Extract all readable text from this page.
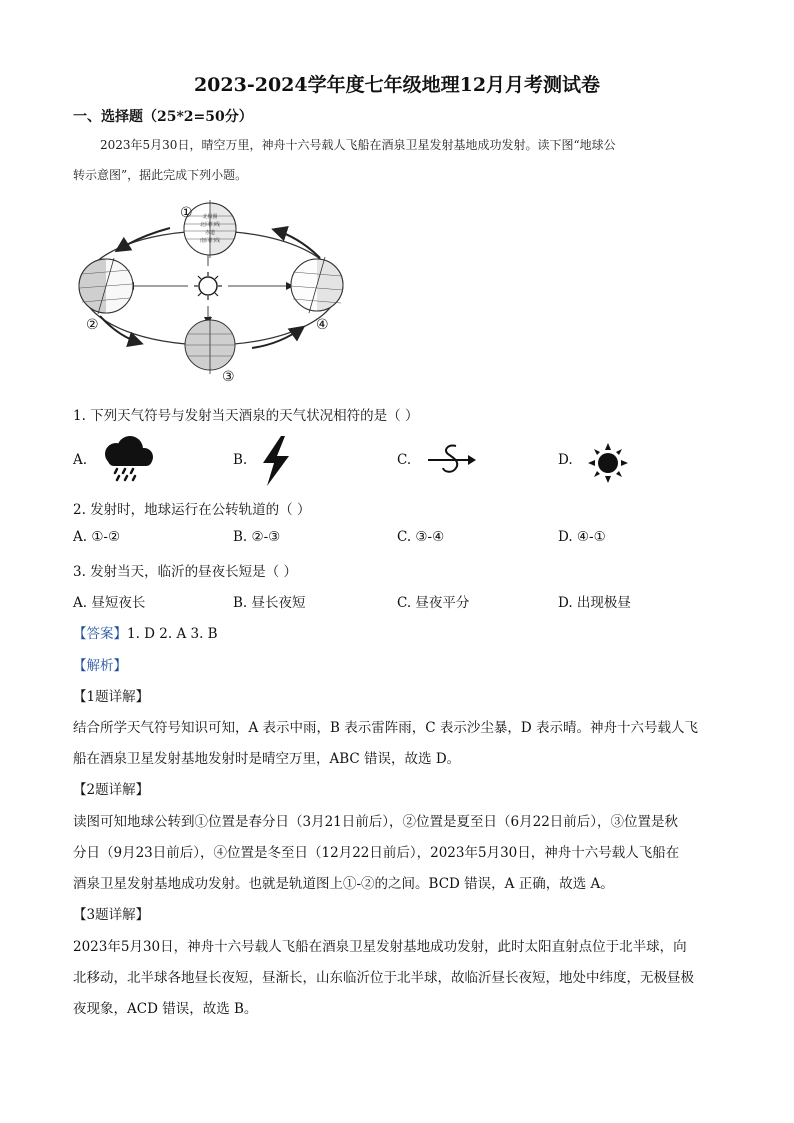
2023-2024学年度七年级地理12月月考测试卷
一、选择题（25*2=50分）
2023年5月30日，晴空万里，神舟十六号载人飞船在酒泉卫星发射基地成功发射。读下图“地球公
转示意图”，据此完成下列小题。
北极圈
北回归线
赤道
南回归线
①
②
③
④
1. 下列天气符号与发射当天酒泉的天气状况相符的是（ ）
A.	B.	C.	D.
2. 发射时，地球运行在公转轨道的（ ）
A. ①-②	B. ②-③	C. ③-④	D. ④-①
3. 发射当天，临沂的昼夜长短是（ ）
A. 昼短夜长	B. 昼长夜短	C. 昼夜平分	D. 出现极昼
【答案】1. D 2. A 3. B
【解析】
【1题详解】
结合所学天气符号知识可知，A 表示中雨，B 表示雷阵雨，C 表示沙尘暴，D 表示晴。神舟十六号载人飞
船在酒泉卫星发射基地发射时是晴空万里，ABC 错误，故选 D。
【2题详解】
读图可知地球公转到①位置是春分日（3月21日前后），②位置是夏至日（6月22日前后），③位置是秋
分日（9月23日前后），④位置是冬至日（12月22日前后），2023年5月30日，神舟十六号载人飞船在
酒泉卫星发射基地成功发射。也就是轨道图上①-②的之间。BCD 错误，A 正确，故选 A。
【3题详解】
2023年5月30日，神舟十六号载人飞船在酒泉卫星发射基地成功发射，此时太阳直射点位于北半球，向
北移动，北半球各地昼长夜短，昼渐长，山东临沂位于北半球，故临沂昼长夜短，地处中纬度，无极昼极
夜现象，ACD 错误，故选 B。
